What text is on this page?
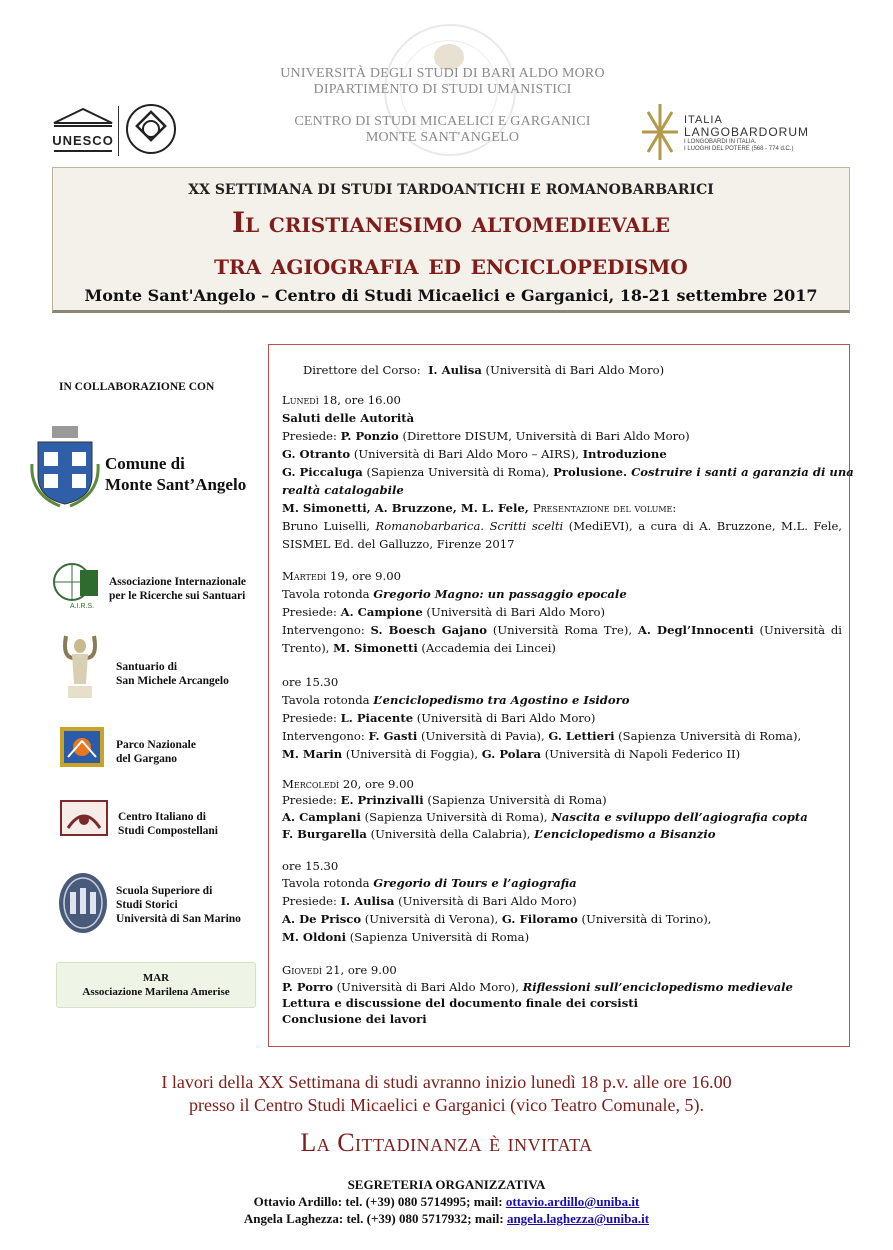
UNIVERSITÀ DEGLI STUDI DI BARI ALDO MORO
DIPARTIMENTO DI STUDI UMANISTICI
CENTRO DI STUDI MICAELICI E GARGANICI
MONTE SANT'ANGELO
UNESCO
ITALIA
LANGOBARDORUM
I LONGOBARDI IN ITALIA.
I LUOGHI DEL POTERE (568 - 774 d.C.)
XX SETTIMANA DI STUDI TARDOANTICHI E ROMANOBARBARICI
Il cristianesimo altomedievale
tra agiografia ed enciclopedismo
Monte Sant'Angelo – Centro di Studi Micaelici e Garganici, 18-21 settembre 2017
IN COLLABORAZIONE CON
Comune di
Monte Sant’Angelo
A.I.R.S.
Associazione Internazionale
per le Ricerche sui Santuari
Santuario di
San Michele Arcangelo
Parco Nazionale
del Gargano
Centro Italiano di
Studi Compostellani
Scuola Superiore di
Studi Storici
Università di San Marino
MAR
Associazione Marilena Amerise
Direttore del Corso: I. Aulisa (Università di Bari Aldo Moro)
Lunedì 18, ore 16.00
Saluti delle Autorità
Presiede: P. Ponzio (Direttore DISUM, Università di Bari Aldo Moro)
G. Otranto (Università di Bari Aldo Moro – AIRS), Introduzione
G. Piccaluga (Sapienza Università di Roma), Prolusione. Costruire i santi a garanzia di una
realtà catalogabile
M. Simonetti, A. Bruzzone, M. L. Fele, Presentazione del volume:
Bruno Luiselli, Romanobarbarica. Scritti scelti (MediEVI), a cura di A. Bruzzone, M.L. Fele,
SISMEL Ed. del Galluzzo, Firenze 2017
Martedì 19, ore 9.00
Tavola rotonda Gregorio Magno: un passaggio epocale
Presiede: A. Campione (Università di Bari Aldo Moro)
Intervengono: S. Boesch Gajano (Università Roma Tre), A. Degl’Innocenti (Università di
Trento), M. Simonetti (Accademia dei Lincei)
ore 15.30
Tavola rotonda L’enciclopedismo tra Agostino e Isidoro
Presiede: L. Piacente (Università di Bari Aldo Moro)
Intervengono: F. Gasti (Università di Pavia), G. Lettieri (Sapienza Università di Roma),
M. Marin (Università di Foggia), G. Polara (Università di Napoli Federico II)
Mercoledì 20, ore 9.00
Presiede: E. Prinzivalli (Sapienza Università di Roma)
A. Camplani (Sapienza Università di Roma), Nascita e sviluppo dell’agiografia copta
F. Burgarella (Università della Calabria), L’enciclopedismo a Bisanzio
ore 15.30
Tavola rotonda Gregorio di Tours e l’agiografia
Presiede: I. Aulisa (Università di Bari Aldo Moro)
A. De Prisco (Università di Verona), G. Filoramo (Università di Torino),
M. Oldoni (Sapienza Università di Roma)
Giovedì 21, ore 9.00
P. Porro (Università di Bari Aldo Moro), Riflessioni sull’enciclopedismo medievale
Lettura e discussione del documento finale dei corsisti
Conclusione dei lavori
I lavori della XX Settimana di studi avranno inizio lunedì 18 p.v. alle ore 16.00
presso il Centro Studi Micaelici e Garganici (vico Teatro Comunale, 5).
La Cittadinanza è invitata
SEGRETERIA ORGANIZZATIVA
Ottavio Ardillo: tel. (+39) 080 5714995; mail: ottavio.ardillo@uniba.it
Angela Laghezza: tel. (+39) 080 5717932; mail: angela.laghezza@uniba.it
